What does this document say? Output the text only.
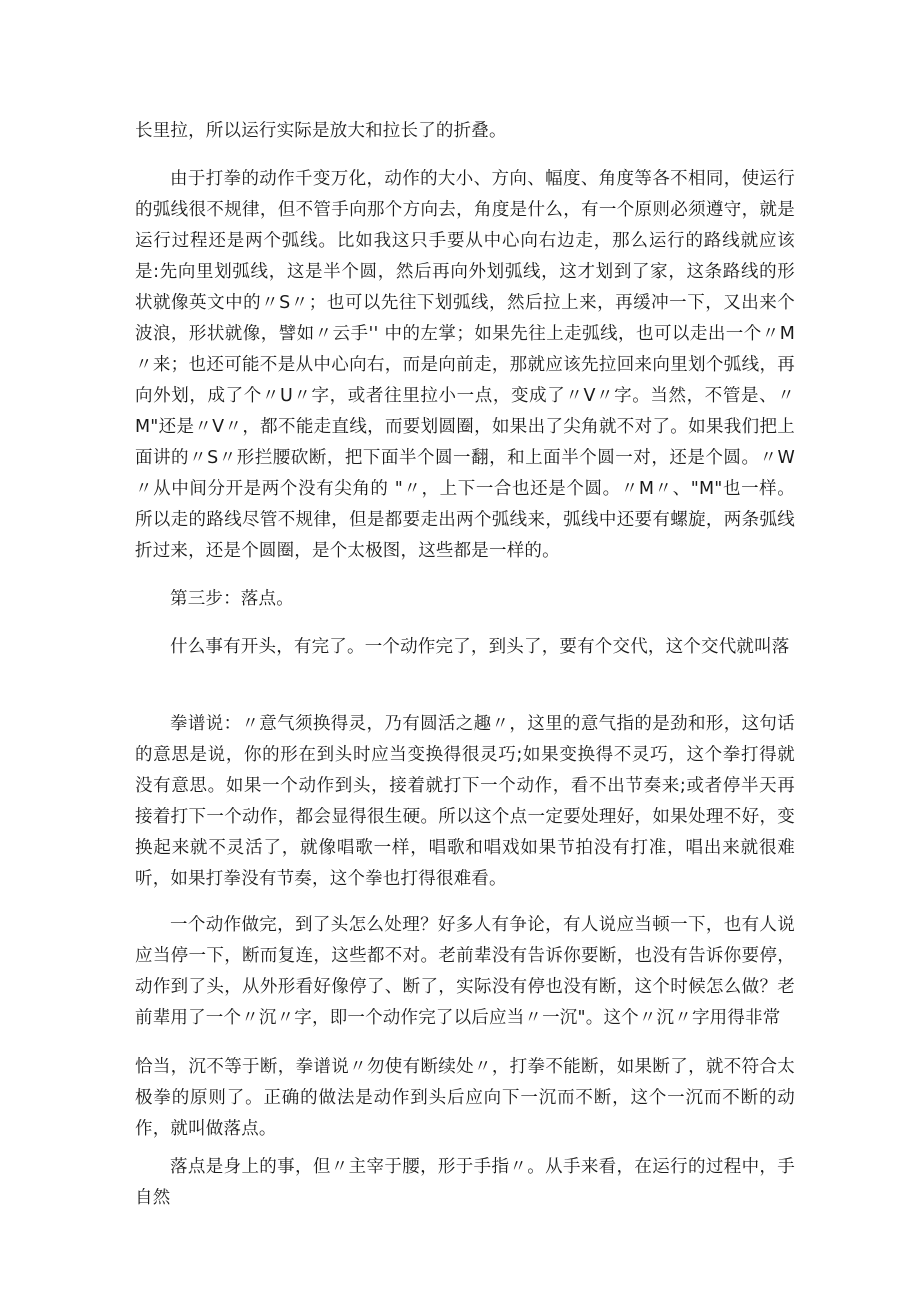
长里拉，所以运行实际是放大和拉长了的折叠。

由于打拳的动作千变万化，动作的大小、方向、幅度、角度等各不相同，使运行的弧线很不规律，但不管手向那个方向去，角度是什么，有一个原则必须遵守，就是运行过程还是两个弧线。比如我这只手要从中心向右边走，那么运行的路线就应该是:先向里划弧线，这是半个圆，然后再向外划弧线，这才划到了家，这条路线的形状就像英文中的〃S〃；也可以先往下划弧线，然后拉上来，再缓冲一下，又出来个波浪，形状就像，譬如〃云手'' 中的左掌；如果先往上走弧线，也可以走出一个〃M〃来；也还可能不是从中心向右，而是向前走，那就应该先拉回来向里划个弧线，再向外划，成了个〃U〃字，或者往里拉小一点，变成了〃V〃字。当然，不管是、〃M"还是〃V〃，都不能走直线，而要划圆圈，如果出了尖角就不对了。如果我们把上面讲的〃S〃形拦腰砍断，把下面半个圆一翻，和上面半个圆一对，还是个圆。〃W〃从中间分开是两个没有尖角的 "〃，上下一合也还是个圆。〃M〃、"M"也一样。所以走的路线尽管不规律，但是都要走出两个弧线来，弧线中还要有螺旋，两条弧线折过来，还是个圆圈，是个太极图，这些都是一样的。

第三步：落点。

什么事有开头，有完了。一个动作完了，到头了，要有个交代，这个交代就叫落

拳谱说：〃意气须换得灵，乃有圆活之趣〃，这里的意气指的是劲和形，这句话的意思是说，你的形在到头时应当变换得很灵巧;如果变换得不灵巧，这个拳打得就没有意思。如果一个动作到头，接着就打下一个动作，看不出节奏来;或者停半天再接着打下一个动作，都会显得很生硬。所以这个点一定要处理好，如果处理不好，变换起来就不灵活了，就像唱歌一样，唱歌和唱戏如果节拍没有打准，唱出来就很难听，如果打拳没有节奏，这个拳也打得很难看。

一个动作做完，到了头怎么处理？好多人有争论，有人说应当顿一下，也有人说应当停一下，断而复连，这些都不对。老前辈没有告诉你要断，也没有告诉你要停，动作到了头，从外形看好像停了、断了，实际没有停也没有断，这个时候怎么做？老前辈用了一个〃沉〃字，即一个动作完了以后应当〃一沉"。这个〃沉〃字用得非常

恰当，沉不等于断，拳谱说〃勿使有断续处〃，打拳不能断，如果断了，就不符合太极拳的原则了。正确的做法是动作到头后应向下一沉而不断，这个一沉而不断的动作，就叫做落点。

落点是身上的事，但〃主宰于腰，形于手指〃。从手来看，在运行的过程中，手自然
